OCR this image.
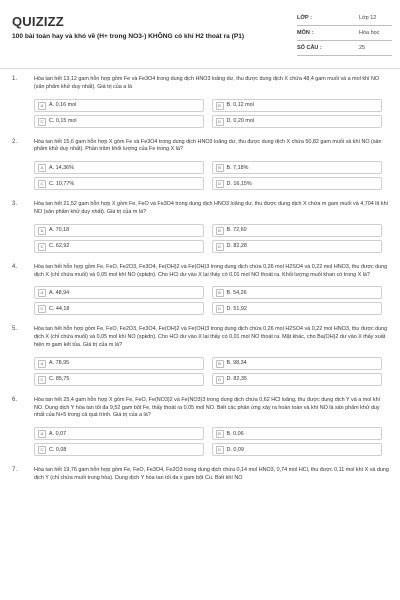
QUIZIZZ
100 bài toán hay và khó về (H+ trong NO3-) KHÔNG có khí H2 thoát ra (P1)
LỚP :	Lớp 12
MÔN :	Hóa học
SỐ CÂU :	25
1.	Hòa tan hết 13,12 gam hỗn hợp gồm Fe và Fe3O4 trong dung dịch HNO3 loãng dư, thu được dung dịch X chứa 48,4 gam muối và a mol khí NO (sản phẩm khử duy nhất). Giá trị của a là
A	A. 0,16 mol	B	B. 0,12 mol
C	C. 0,15 mol	D	D. 0,20 mol
2.	Hòa tan hết 15,6 gam hỗn hợp X gồm Fe và Fe3O4 trong dung dịch HNO3 loãng dư, thu được dung dịch X chứa 50,82 gam muối và khí NO (sản phẩm khử duy nhất). Phần trăm khối lượng của Fe trong X là?
A	A. 14,36%	B	B. 7,18%
C	C. 10,77%	D	D. 16,15%
3.	Hòa tan hết 21,52 gam hỗn hợp X gồm Fe, FeO và Fe3O4 trong dung dịch HNO3 loãng dư, thu được dung dịch X chứa m gam muối và 4,704 lít khí NO (sản phẩm khử duy nhất). Giá trị của m là?
A	A. 70,18	B	B. 72,60
C	C. 62,92	D	D. 82,28
4.	Hòa tan hết hỗn hợp gồm Fe, FeO, Fe2O3, Fe3O4, Fe(OH)2 và Fe(OH)3 trong dung dịch chứa 0,26 mol H2SO4 và 0,22 mol HNO3, thu được dung dịch X (chỉ chứa muối) và 0,05 mol khí NO (spkdn). Cho HCl dư vào X lại thấy có 0,01 mol NO thoát ra. Khối lượng muối khan có trong X là?
A	A. 48,94	B	B. 54,26
C	C. 44,18	D	D. 51,92
5.	Hòa tan hết hỗn hợp gồm Fe, FeO, Fe2O3, Fe3O4, Fe(OH)2 và Fe(OH)3 trong dung dịch chứa 0,26 mol H2SO4 và 0,22 mol HNO3, thu được dung dịch X (chỉ chứa muối) và 0,05 mol khí NO (spkdn). Cho HCl dư vào X lại thấy có 0,01 mol NO thoát ra. Mặt khác, cho Ba(OH)2 dư vào X thấy xuất hiện m gam kết tủa. Giá trị của m là?
A	A. 78,95	B	B. 98,34
C	C. 85,75	D	D. 82,35
6.	Hòa tan hết 25,4 gam hỗn hợp X gồm Fe, FeO, Fe(NO3)2 và Fe(NO3)3 trong dung dịch chứa 0,62 HCl loãng, thu được dung dịch Y và a mol khí NO. Dung dịch Y hòa tan tối đa 9,52 gam bột Fe, thấy thoát ra 0,05 mol NO. Biết các phản ứng xảy ra hoàn toàn và khí NO là sản phẩm khử duy nhất của N+5 trong cả quá trình. Giá trị của a là?
A	A. 0,07	B	B. 0,06
C	C. 0,08	D	D. 0,09
7.	Hòa tan hết 19,76 gam hỗn hợp gồm Fe, FeO, Fe3O4, Fe2O3 trong dung dịch chứa 0,14 mol HNO3, 0,74 mol HCl, thu được 0,11 mol khí X và dung dịch Y (chỉ chứa muối trung hòa). Dung dịch Y hòa tan tối đa x gam bột Cu. Biết khí NO
